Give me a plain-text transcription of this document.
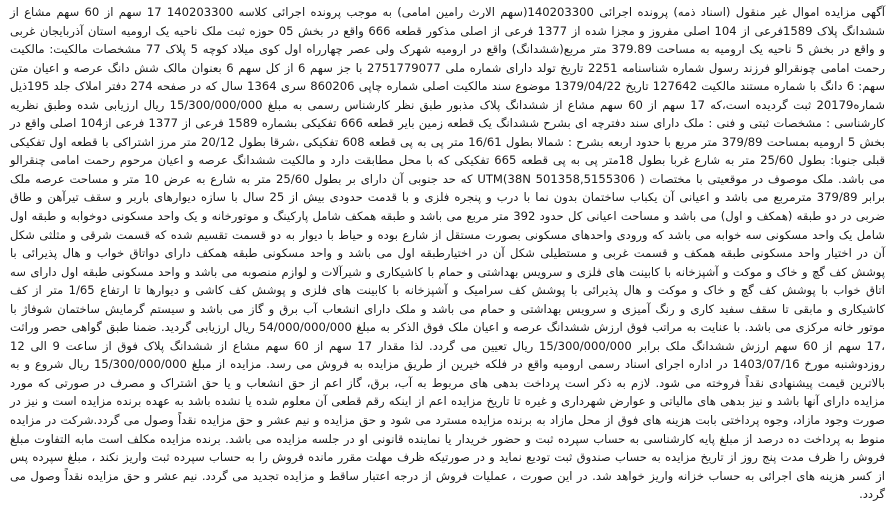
آگهی مزایده اموال غیر منقول (اسناد ذمه) پرونده اجرائی 140203300(سهم الارث رامین امامی) به موجب پرونده اجرائی کلاسه 140203300 17 سهم از 60 سهم مشاع از ششدانگ پلاک 1589فرعی از 104 اصلی مفروز و مجزا شده از 1377 فرعی از اصلی مذکور قطعه 666 واقع در بخش 05 حوزه ثبت ملک ناحیه یک ارومیه استان آذربایجان غربی و واقع در بخش 5 ناحیه یک ارومیه به مساحت 379.89 متر مربع(ششدانگ) واقع در ارومیه شهرک ولی عصر چهارراه اول کوی میلاد کوچه 5 پلاک 77 مشخصات مالکیت: مالکیت رحمت امامی چونقرالو فرزند رسول شماره شناسنامه 2251 تاریخ تولد دارای شماره ملی 2751779077 با جز سهم 6 از کل سهم 6 بعنوان مالک شش دانگ عرصه و اعیان متن سهم: 6 دانگ با شماره مستند مالکیت 127642 تاریخ 1379/04/22 موضوع سند مالکیت اصلی شماره چاپی 860206 سری 1364 سال که در صفحه 274 دفتر املاک جلد 195ذیل شماره20179 ثبت گردیده است،که 17 سهم از 60 سهم مشاع از ششدانگ پلاک مذبور طبق نظر کارشناس رسمی به مبلغ 15/300/000/000 ریال ارزیابی شده وطبق نظریه کارشناسی : مشخصات ثبتی و فنی : ملک دارای سند دفترچه ای بشرح ششدانگ یک قطعه زمین بایر قطعه 666 تفکیکی بشماره 1589 فرعی از 1377 فرعی از104 اصلی واقع در بخش 5 ارومیه بمساحت 379/89 متر مربع با حدود اربعه بشرح : شمالا بطول 16/61 متر پی به پی قطعه 608 تفکیکی ،شرقا بطول 20/12 متر مرز اشتراکی با قطعه اول تفکیکی قبلی جنوبا: بطول 25/60 متر به شارع غربا بطول 18متر پی به پی قطعه 665 تفکیکی که با محل مطابقت دارد و مالکیت ششدانگ عرصه و اعیان مرحوم رحمت امامی چنقرالو می باشد. ملک موصوف در موقعیتی با مختصات ( UTM(38N 501358,5155306 که حد جنوبی آن دارای بر بطول 25/60 متر به شارع به عرض 10 متر و مساحت عرصه ملک برابر 379/89 مترمربع می باشد و اعیانی آن یکباب ساختمان بدون نما با درب و پنجره فلزی و با قدمت حدودی بیش از 25 سال با سازه دیوارهای باربر و سقف تیرآهن و طاق ضربی در دو طبقه (همکف و اول) می باشد و مساحت اعیانی کل حدود 392 متر مربع می باشد و طبقه همکف شامل پارکینگ و موتورخانه و یک واحد مسکونی دوخوابه و طبقه اول شامل یک واحد مسکونی سه خوابه می باشد که ورودی واحدهای مسکونی بصورت مستقل از شارع بوده و حیاط با دیوار به دو قسمت تقسیم شده که قسمت شرقی و مثلثی شکل آن در اختیار واحد مسکونی طبقه همکف و قسمت غربی و مستطیلی شکل آن در اختیارطبقه اول می باشد و واحد مسکونی طبقه همکف دارای دواتاق خواب و هال پذیرائی با پوشش کف گچ و خاک و موکت و آشپزخانه با کابینت های فلزی و سرویس بهداشتی و حمام با کاشیکاری و شیرآلات و لوازم منصوبه می باشد و واحد مسکونی طبقه اول دارای سه اتاق خواب با پوشش کف گچ و خاک و موکت و هال پذیرائی با پوشش کف سرامیک و آشپزخانه با کابینت های فلزی و پوشش کف کاشی و دیوارها تا ارتفاع 1/65 متر از کف کاشیکاری و مابقی تا سقف سفید کاری و رنگ آمیزی و سرویس بهداشتی و حمام می باشد و ملک دارای انشعاب آب برق و گاز می باشد و سیستم گرمایش ساختمان شوفاژ با موتور خانه مرکزی می باشد. با عنایت به مراتب فوق ارزش ششدانگ عرصه و اعیان ملک فوق الذکر به مبلغ 54/000/000/000 ریال ارزیابی گردید. ضمنا طبق گواهی حصر وراثت ،17 سهم از 60 سهم ارزش ششدانگ ملک برابر 15/300/000/000 ریال تعیین می گردد. لذا مقدار 17 سهم از 60 سهم مشاع از ششدانگ پلاک فوق از ساعت 9 الی 12 روزدوشنبه مورخ 1403/07/16 در اداره اجرای اسناد رسمی ارومیه واقع در فلکه خیرین از طریق مزایده به فروش می رسد. مزایده از مبلغ 15/300/000/000 ریال شروع و به بالاترین قیمت پیشنهادی نقداً فروخته می شود. لازم به ذکر است پرداخت بدهی های مربوط به آب، برق، گاز اعم از حق انشعاب و یا حق اشتراک و مصرف در صورتی که مورد مزایده دارای آنها باشد و نیز بدهی های مالیاتی و عوارض شهرداری و غیره تا تاریخ مزایده اعم از اینکه رقم قطعی آن معلوم شده یا نشده باشد به عهده برنده مزایده است و نیز در صورت وجود مازاد، وجوه پرداختی بابت هزینه های فوق از محل مازاد به برنده مزایده مسترد می شود و حق مزایده و نیم عشر و حق مزایده نقداً وصول می گردد.شرکت در مزایده منوط به پرداخت ده درصد از مبلغ پایه کارشناسی به حساب سپرده ثبت و حضور خریدار یا نماینده قانونی او در جلسه مزایده می باشد. برنده مزایده مکلف است مابه التفاوت مبلغ فروش را ظرف مدت پنج روز از تاریخ مزایده به حساب صندوق ثبت تودیع نماید و در صورتیکه ظرف مهلت مقرر مانده فروش را به حساب سپرده ثبت واریز نکند ، مبلغ سپرده پس از کسر هزینه های اجرائی به حساب خزانه واریز خواهد شد. در این صورت ، عملیات فروش از درجه اعتبار ساقط و مزایده تجدید می گردد. نیم عشر و حق مزایده نقداً وصول می گردد.
